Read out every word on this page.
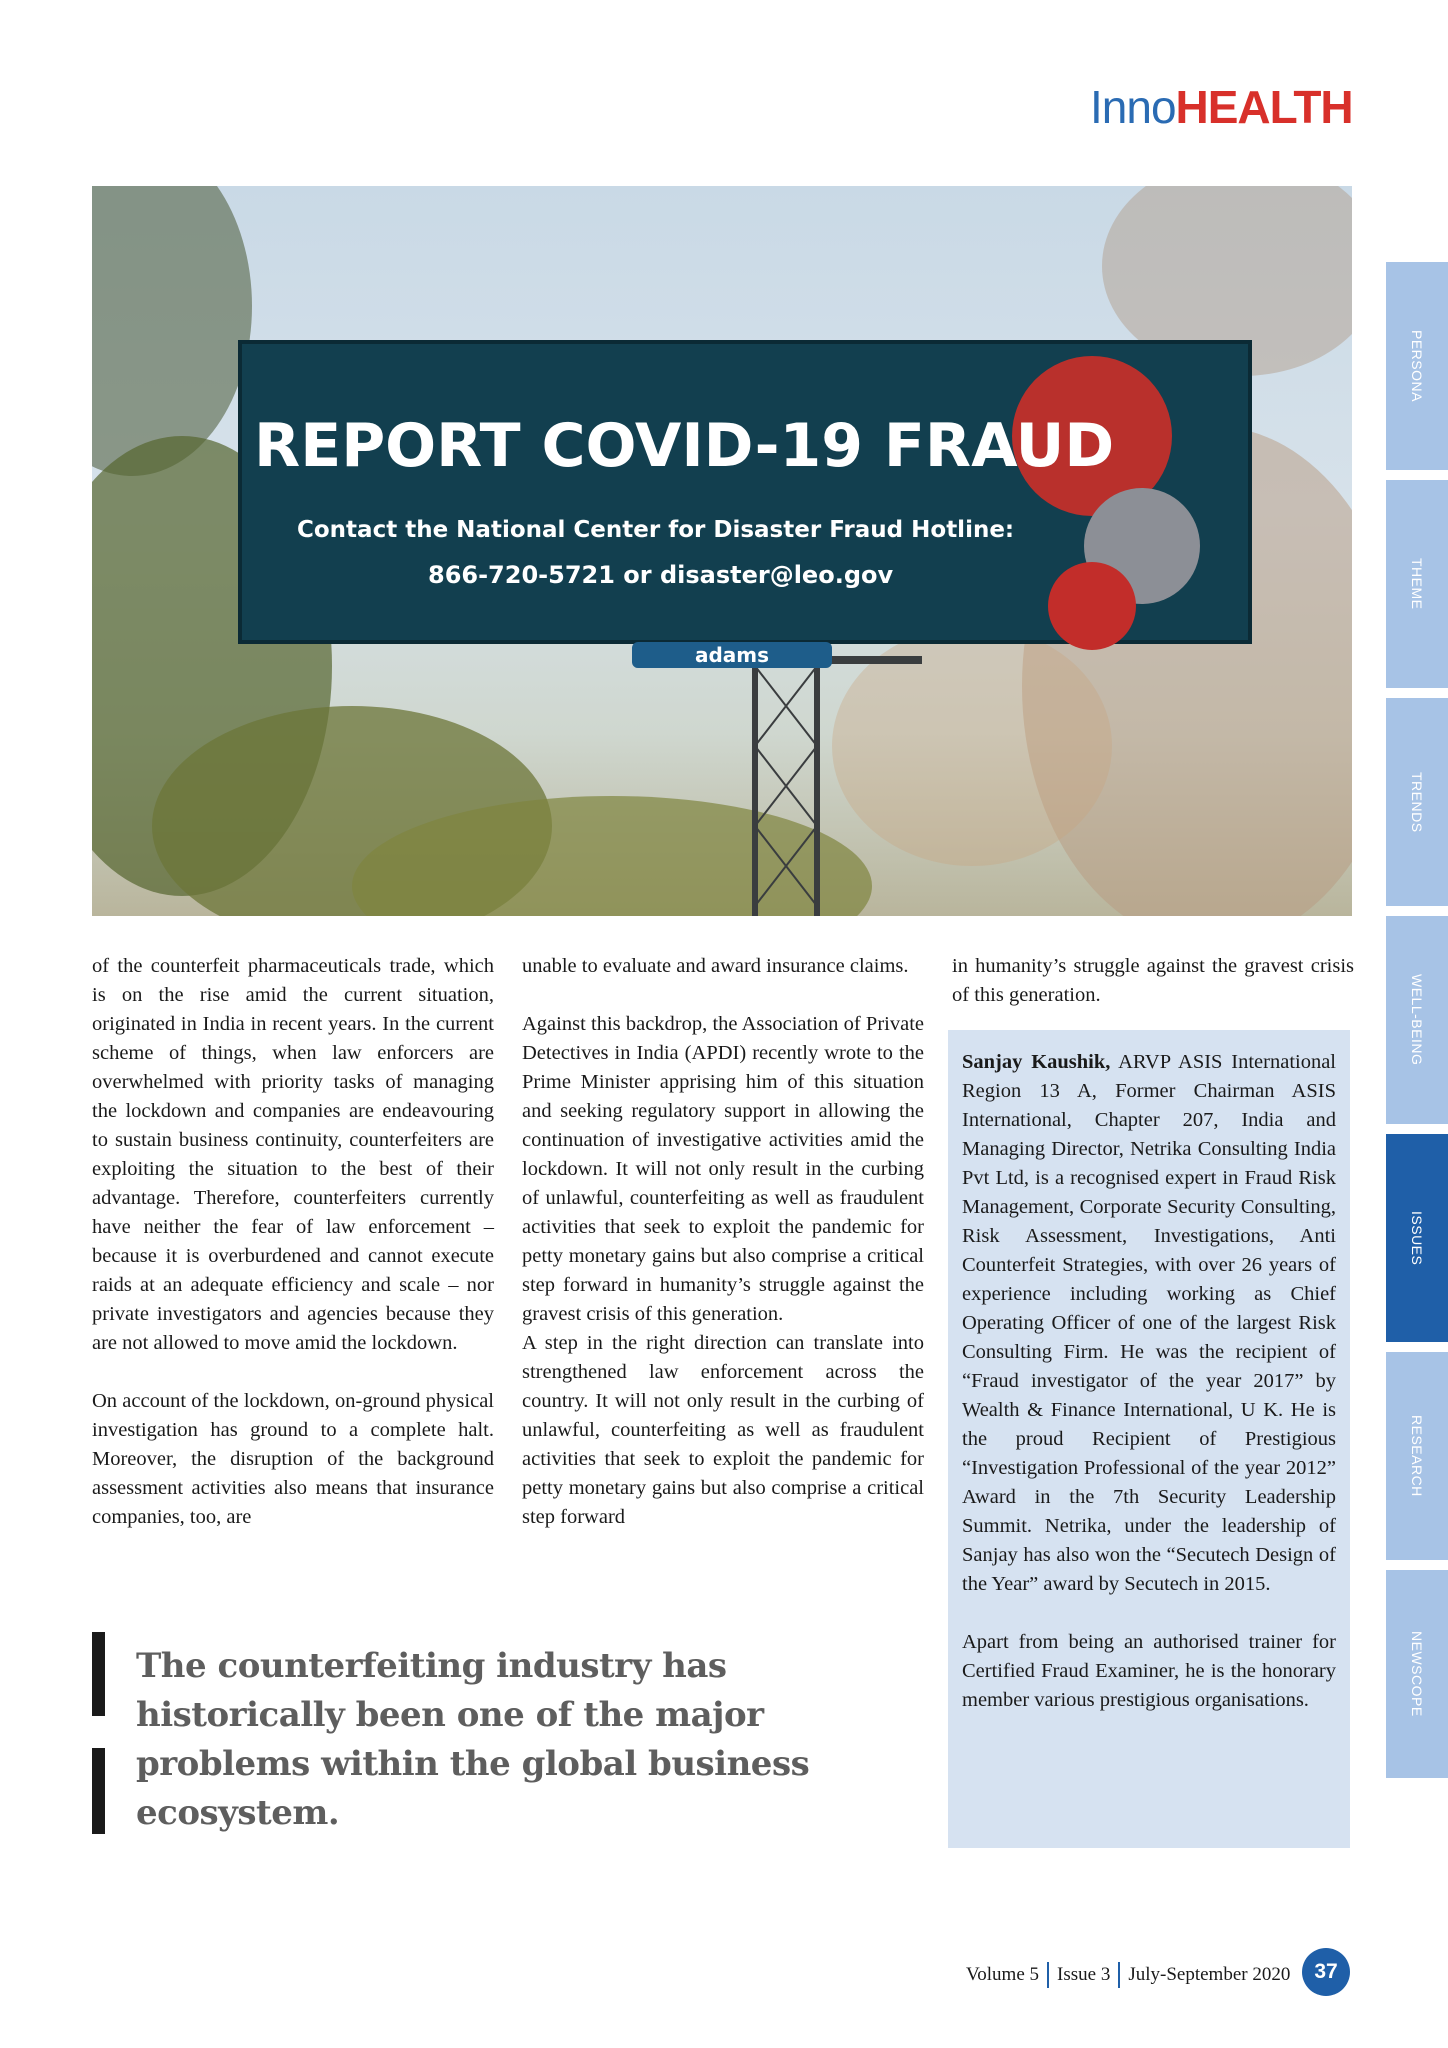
InnoHEALTH
REPORT COVID-19 FRAUD
Contact the National Center for Disaster Fraud Hotline:
866-720-5721 or disaster@leo.gov
adams
PERSONA
THEME
TRENDS
WELL-BEING
ISSUES
RESEARCH
NEWSCOPE

of the counterfeit pharmaceuticals trade, which is on the rise amid the current situation, originated in India in recent years. In the current scheme of things, when law enforcers are overwhelmed with priority tasks of managing the lockdown and companies are endeavouring to sustain business continuity, counterfeiters are exploiting the situation to the best of their advantage. Therefore, counterfeiters currently have neither the fear of law enforcement – because it is overburdened and cannot execute raids at an adequate efficiency and scale – nor private investigators and agencies because they are not allowed to move amid the lockdown.

On account of the lockdown, on-ground physical investigation has ground to a complete halt. Moreover, the disruption of the background assessment activities also means that insurance companies, too, are

unable to evaluate and award insurance claims.

Against this backdrop, the Association of Private Detectives in India (APDI) recently wrote to the Prime Minister apprising him of this situation and seeking regulatory support in allowing the continuation of investigative activities amid the lockdown. It will not only result in the curbing of unlawful, counterfeiting as well as fraudulent activities that seek to exploit the pandemic for petty monetary gains but also comprise a critical step forward in humanity’s struggle against the gravest crisis of this generation.

A step in the right direction can translate into strengthened law enforcement across the country. It will not only result in the curbing of unlawful, counterfeiting as well as fraudulent activities that seek to exploit the pandemic for petty monetary gains but also comprise a critical step forward

in humanity’s struggle against the gravest crisis of this generation.

Sanjay Kaushik, ARVP ASIS International Region 13 A, Former Chairman ASIS International, Chapter 207, India and Managing Director, Netrika Consulting India Pvt Ltd, is a recognised expert in Fraud Risk Management, Corporate Security Consulting, Risk Assessment, Investigations, Anti Counterfeit Strategies, with over 26 years of experience including working as Chief Operating Officer of one of the largest Risk Consulting Firm. He was the recipient of “Fraud investigator of the year 2017” by Wealth & Finance International, U K. He is the proud Recipient of Prestigious “Investigation Professional of the year 2012” Award in the 7th Security Leadership Summit. Netrika, under the leadership of Sanjay has also won the “Secutech Design of the Year” award by Secutech in 2015.

Apart from being an authorised trainer for Certified Fraud Examiner, he is the honorary member various prestigious organisations.

The counterfeiting industry has historically been one of the major problems within the global business ecosystem.
Volume 5 Issue 3 July-September 2020	37
